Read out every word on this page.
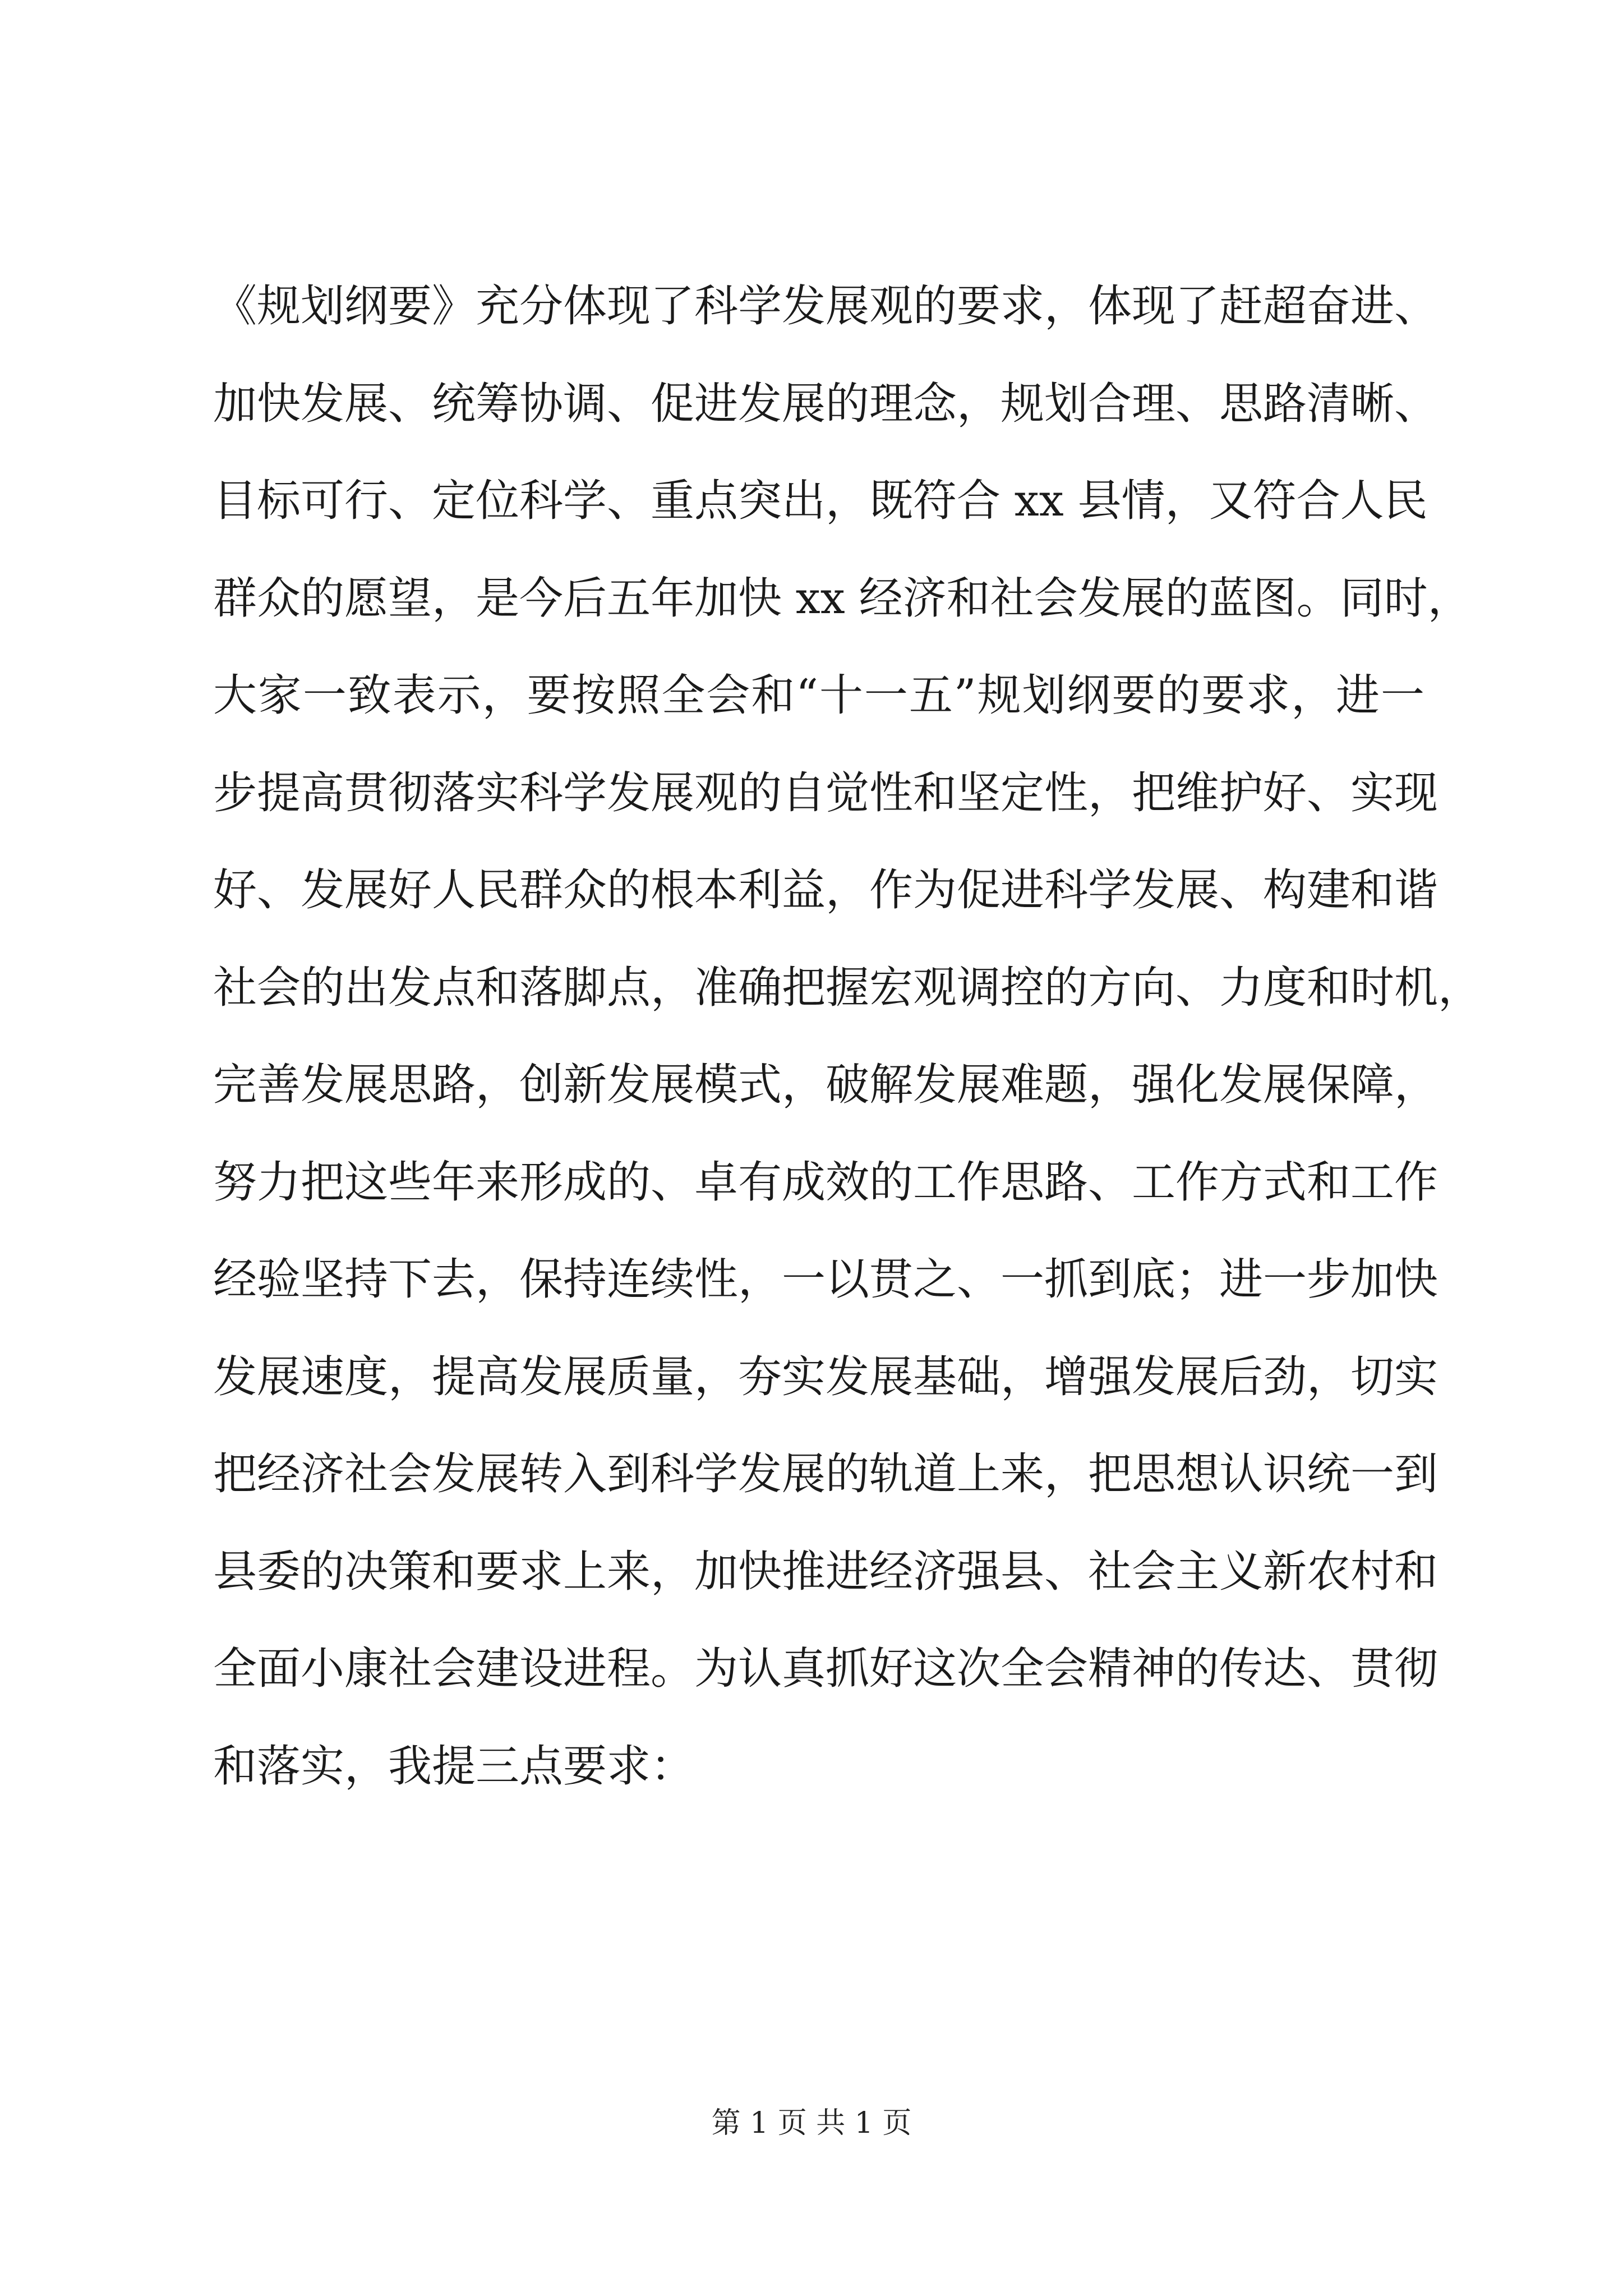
《规划纲要》充分体现了科学发展观的要求，体现了赶超奋进、
加快发展、统筹协调、促进发展的理念，规划合理、思路清晰、
目标可行、定位科学、重点突出，既符合 xx 县情，又符合人民
群众的愿望，是今后五年加快 xx 经济和社会发展的蓝图。同时，
大家一致表示，要按照全会和“十一五”规划纲要的要求，进一
步提高贯彻落实科学发展观的自觉性和坚定性，把维护好、实现
好、发展好人民群众的根本利益，作为促进科学发展、构建和谐
社会的出发点和落脚点，准确把握宏观调控的方向、力度和时机，
完善发展思路，创新发展模式，破解发展难题，强化发展保障，
努力把这些年来形成的、卓有成效的工作思路、工作方式和工作
经验坚持下去，保持连续性，一以贯之、一抓到底；进一步加快
发展速度，提高发展质量，夯实发展基础，增强发展后劲，切实
把经济社会发展转入到科学发展的轨道上来，把思想认识统一到
县委的决策和要求上来，加快推进经济强县、社会主义新农村和
全面小康社会建设进程。为认真抓好这次全会精神的传达、贯彻
和落实，我提三点要求：
第 1 页 共 1 页
